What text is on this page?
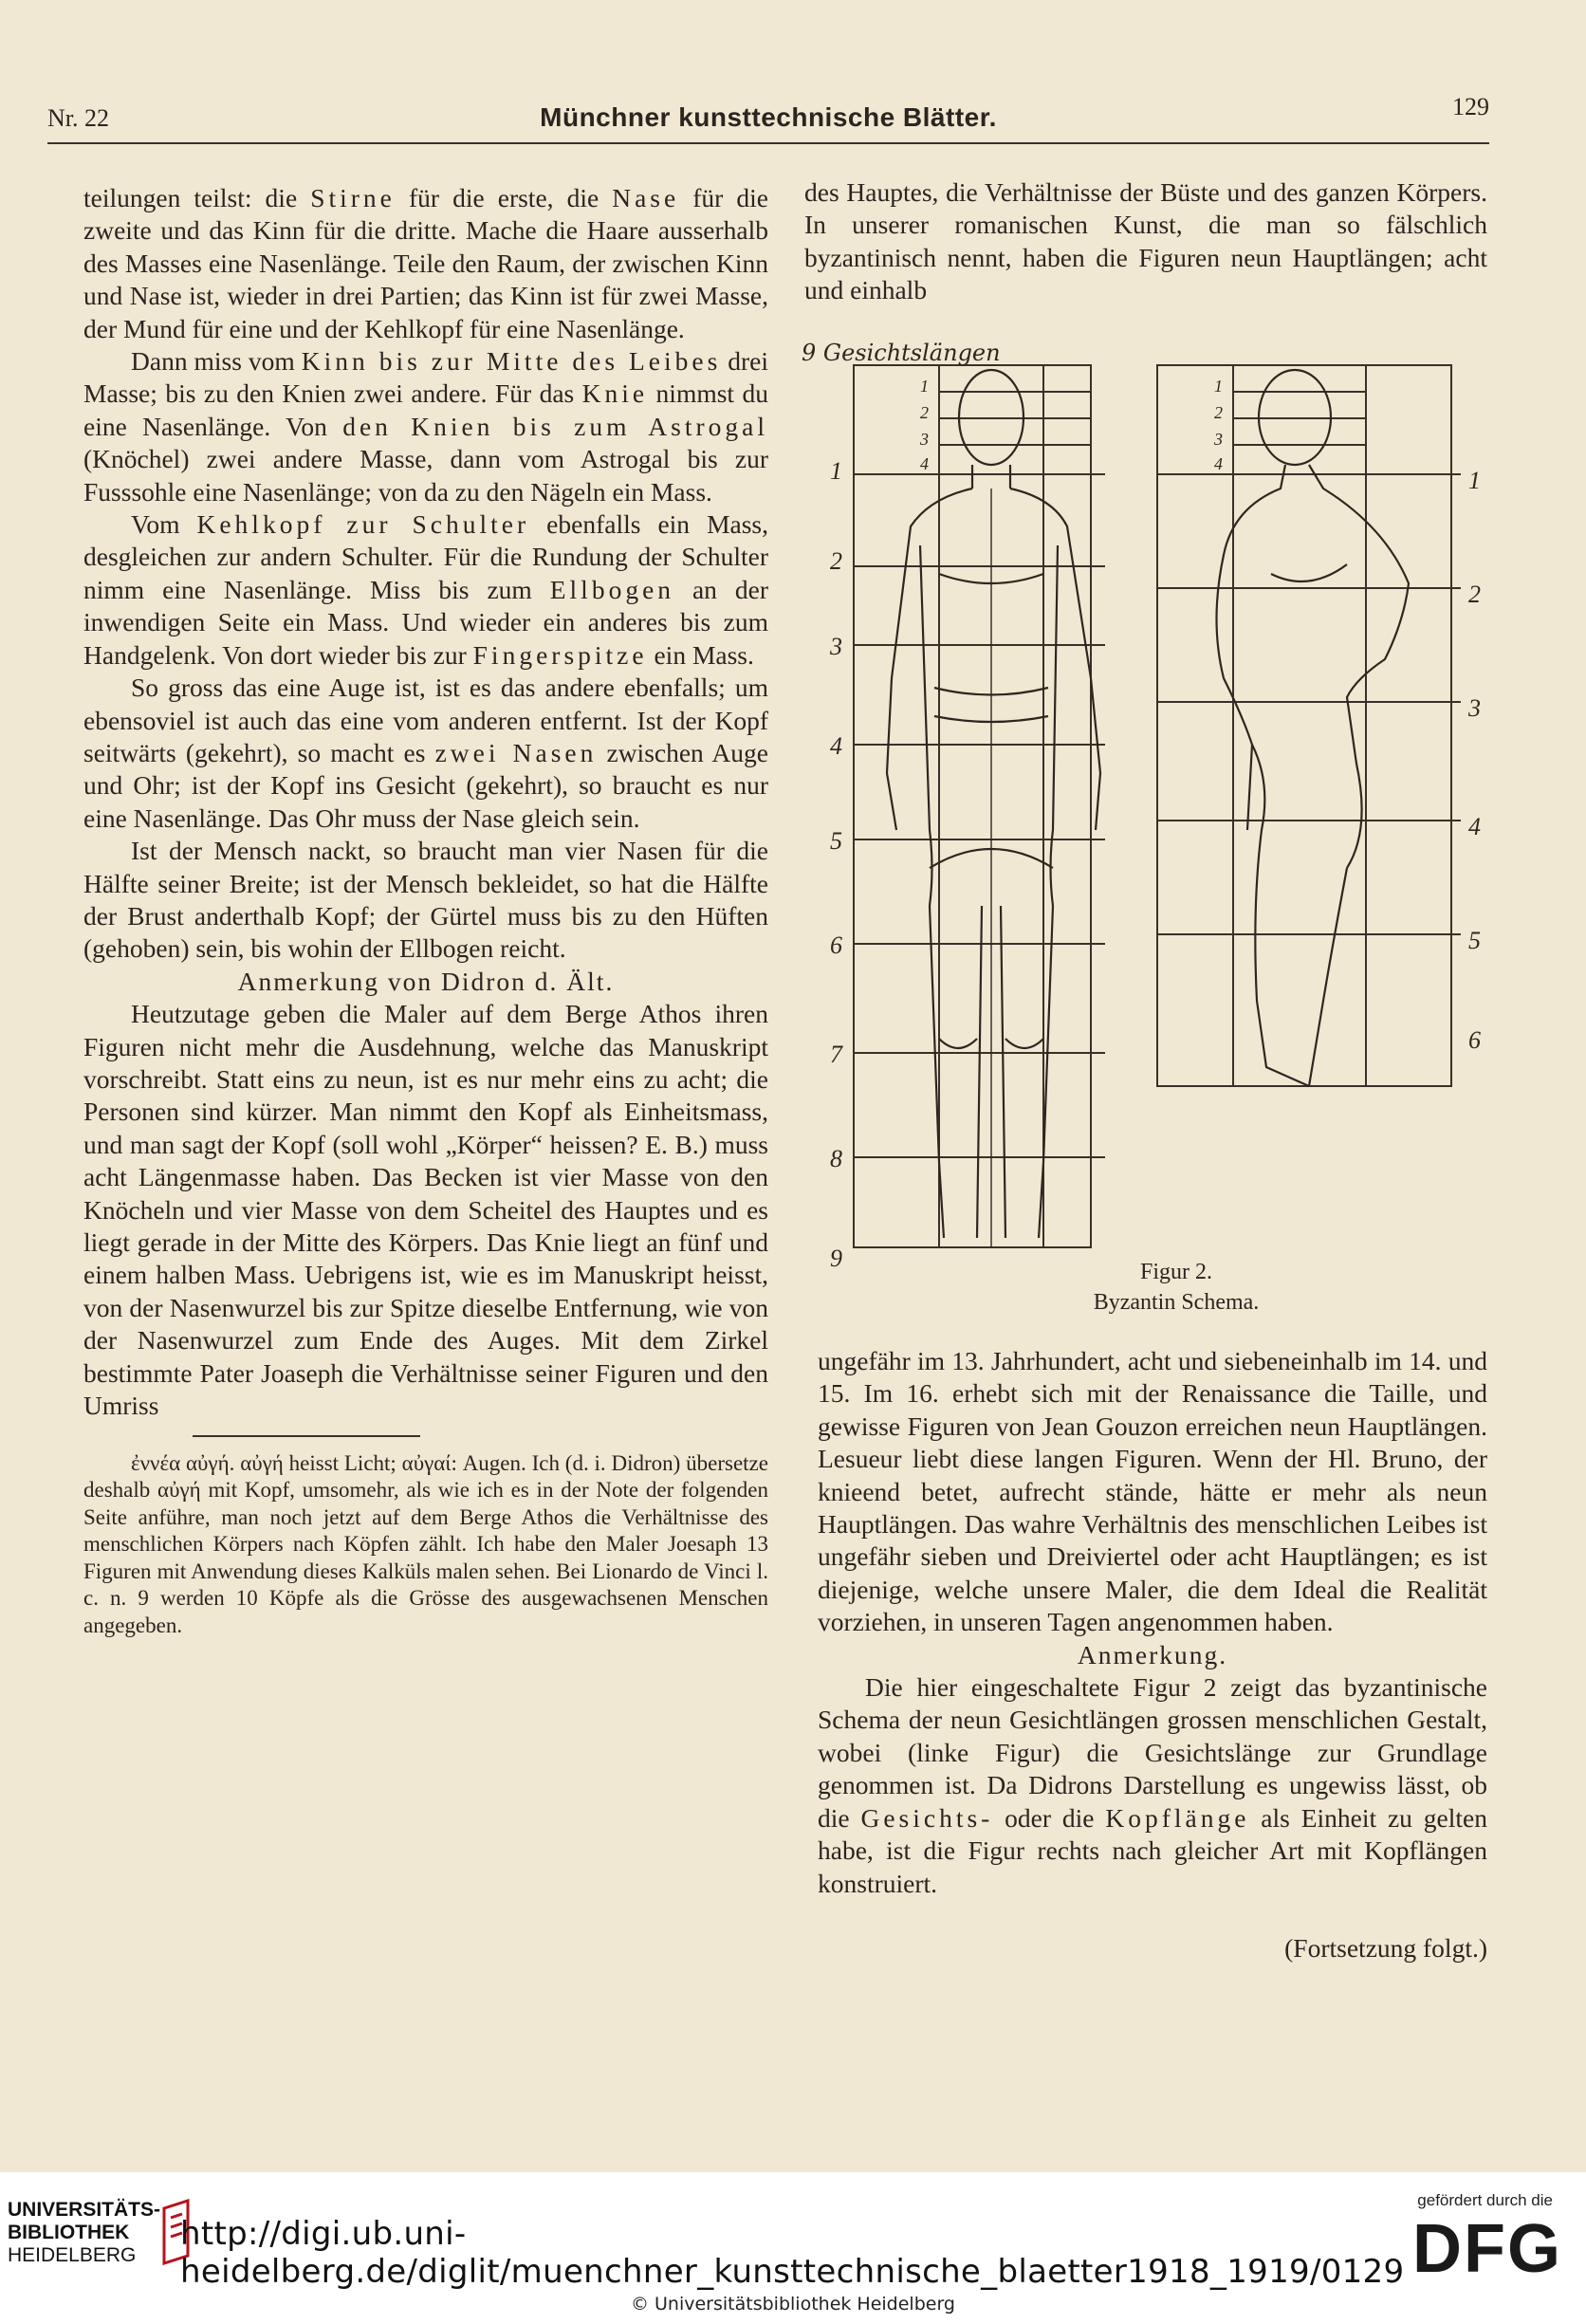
Nr. 22	Münchner kunsttechnische Blätter.	129

teilungen teilst: die Stirne für die erste, die Nase für die zweite und das Kinn für die dritte. Mache die Haare ausserhalb des Masses eine Nasenlänge. Teile den Raum, der zwischen Kinn und Nase ist, wieder in drei Partien; das Kinn ist für zwei Masse, der Mund für eine und der Kehlkopf für eine Nasenlänge.

Dann miss vom Kinn bis zur Mitte des Leibes drei Masse; bis zu den Knien zwei andere. Für das Knie nimmst du eine Nasenlänge. Von den Knien bis zum Astrogal (Knöchel) zwei andere Masse, dann vom Astrogal bis zur Fusssohle eine Nasenlänge; von da zu den Nägeln ein Mass.

Vom Kehlkopf zur Schulter ebenfalls ein Mass, desgleichen zur andern Schulter. Für die Rundung der Schulter nimm eine Nasenlänge. Miss bis zum Ellbogen an der inwendigen Seite ein Mass. Und wieder ein anderes bis zum Handgelenk. Von dort wieder bis zur Fingerspitze ein Mass.

So gross das eine Auge ist, ist es das andere ebenfalls; um ebensoviel ist auch das eine vom anderen entfernt. Ist der Kopf seitwärts (gekehrt), so macht es zwei Nasen zwischen Auge und Ohr; ist der Kopf ins Gesicht (gekehrt), so braucht es nur eine Nasenlänge. Das Ohr muss der Nase gleich sein.

Ist der Mensch nackt, so braucht man vier Nasen für die Hälfte seiner Breite; ist der Mensch bekleidet, so hat die Hälfte der Brust anderthalb Kopf; der Gürtel muss bis zu den Hüften (gehoben) sein, bis wohin der Ellbogen reicht.

Anmerkung von Didron d. Ält.

Heutzutage geben die Maler auf dem Berge Athos ihren Figuren nicht mehr die Ausdehnung, welche das Manuskript vorschreibt. Statt eins zu neun, ist es nur mehr eins zu acht; die Personen sind kürzer. Man nimmt den Kopf als Einheitsmass, und man sagt der Kopf (soll wohl „Körper“ heissen? E. B.) muss acht Längenmasse haben. Das Becken ist vier Masse von den Knöcheln und vier Masse von dem Scheitel des Hauptes und es liegt gerade in der Mitte des Körpers. Das Knie liegt an fünf und einem halben Mass. Uebrigens ist, wie es im Manuskript heisst, von der Nasenwurzel bis zur Spitze dieselbe Entfernung, wie von der Nasenwurzel zum Ende des Auges. Mit dem Zirkel bestimmte Pater Joaseph die Verhältnisse seiner Figuren und den Umriss

ἐννέα αὐγή. αὐγή heisst Licht; αὐγαί: Augen. Ich (d. i. Didron) übersetze deshalb αὐγή mit Kopf, umsomehr, als wie ich es in der Note der folgenden Seite anführe, man noch jetzt auf dem Berge Athos die Verhältnisse des menschlichen Körpers nach Köpfen zählt. Ich habe den Maler Joesaph 13 Figuren mit Anwendung dieses Kalküls malen sehen. Bei Lionardo de Vinci l. c. n. 9 werden 10 Köpfe als die Grösse des ausgewachsenen Menschen angegeben.

des Hauptes, die Verhältnisse der Büste und des ganzen Körpers. In unserer romanischen Kunst, die man so fälschlich byzantinisch nennt, haben die Figuren neun Hauptlängen; acht und einhalb

1
2
3
4
5
6
7
8
9
1	1
2	2
3	3
4	4
1
2
3
4
5
6
9 Gesichtslängen
Figur 2.
Byzantin Schema.

ungefähr im 13. Jahrhundert, acht und siebeneinhalb im 14. und 15. Im 16. erhebt sich mit der Renaissance die Taille, und gewisse Figuren von Jean Gouzon erreichen neun Hauptlängen. Lesueur liebt diese langen Figuren. Wenn der Hl. Bruno, der knieend betet, aufrecht stände, hätte er mehr als neun Hauptlängen. Das wahre Verhältnis des menschlichen Leibes ist ungefähr sieben und Dreiviertel oder acht Hauptlängen; es ist diejenige, welche unsere Maler, die dem Ideal die Realität vorziehen, in unseren Tagen angenommen haben.

Anmerkung.

Die hier eingeschaltete Figur 2 zeigt das byzantinische Schema der neun Gesichtlängen grossen menschlichen Gestalt, wobei (linke Figur) die Gesichtslänge zur Grundlage genommen ist. Da Didrons Darstellung es ungewiss lässt, ob die Gesichts- oder die Kopflänge als Einheit zu gelten habe, ist die Figur rechts nach gleicher Art mit Kopflängen konstruiert.

(Fortsetzung folgt.)

UNIVERSITÄTS-
BIBLIOTHEK
HEIDELBERG
http://digi.ub.uni-heidelberg.de/diglit/muenchner_kunsttechnische_blaetter1918_1919/0129
© Universitätsbibliothek Heidelberg
gefördert durch die
DFG
